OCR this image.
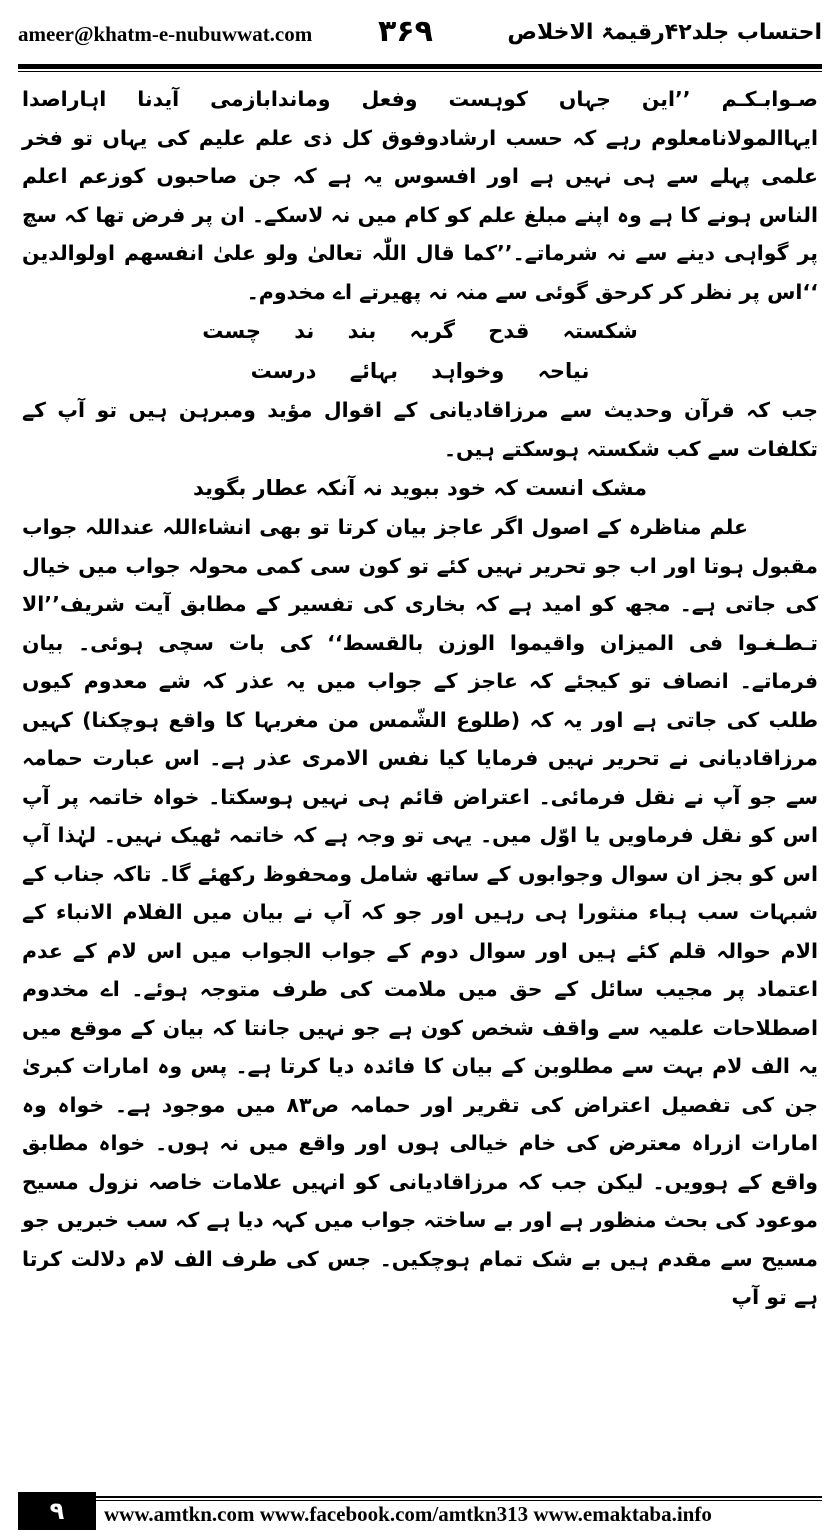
ameer@khatm-e-nubuwwat.com ۳۶۹	احتساب جلد۴۲رقیمۃ الاخلاص

صـوابـکـم ’’این جہاں کوہست وفعل وماندابازمی آیدنا اہاراصدا ایہاالمولانامعلوم رہے کہ حسب ارشادوفوق کل ذی علم علیم کی یہاں تو فخر علمی پہلے سے ہی نہیں ہے اور افسوس یہ ہے کہ جن صاحبوں کوزعم اعلم الناس ہونے کا ہے وہ اپنے مبلغ علم کو کام میں نہ لاسکے۔ ان پر فرض تھا کہ سچ پر گواہی دینے سے نہ شرماتے۔’’کما قال اللّٰہ تعالیٰ ولو علیٰ انفسھم اولوالدین ‘‘اس پر نظر کر کرحق گوئی سے منہ نہ پھیرتے اے مخدوم۔

شکستہ قدح گربہ بند ند چست

نیاحہ وخواہد بہائے درست

جب کہ قرآن وحدیث سے مرزاقادیانی کے اقوال مؤید ومبرہن ہیں تو آپ کے تکلفات سے کب شکستہ ہوسکتے ہیں۔

مشک انست کہ خود ببوید نہ آنکہ عطار بگوید

علم مناظرہ کے اصول اگر عاجز بیان کرتا تو بھی انشاءاللہ عنداللہ جواب مقبول ہوتا اور اب جو تحریر نہیں کئے تو کون سی کمی محولہ جواب میں خیال کی جاتی ہے۔ مجھ کو امید ہے کہ بخاری کی تفسیر کے مطابق آیت شریف’’الا تـطـغـوا فی المیزان واقیموا الوزن بالقسط‘‘ کی بات سچی ہوئی۔ بیان فرماتے۔ انصاف تو کیجئے کہ عاجز کے جواب میں یہ عذر کہ شے معدوم کیوں طلب کی جاتی ہے اور یہ کہ (طلوع الشّمس من مغربہا کا واقع ہوچکنا) کہیں مرزاقادیانی نے تحریر نہیں فرمایا کیا نفس الامری عذر ہے۔ اس عبارت حمامہ سے جو آپ نے نقل فرمائی۔ اعتراض قائم ہی نہیں ہوسکتا۔ خواہ خاتمہ پر آپ اس کو نقل فرماویں یا اوّل میں۔ یہی تو وجہ ہے کہ خاتمہ ٹھیک نہیں۔ لہٰذا آپ اس کو بجز ان سوال وجوابوں کے ساتھ شامل ومحفوظ رکھئے گا۔ تاکہ جناب کے شبہات سب ہباء منثورا ہی رہیں اور جو کہ آپ نے بیان میں الفلام الانباء کے الام حوالہ قلم کئے ہیں اور سوال دوم کے جواب الجواب میں اس لام کے عدم اعتماد پر مجیب سائل کے حق میں ملامت کی طرف متوجہ ہوئے۔ اے مخدوم اصطلاحات علمیہ سے واقف شخص کون ہے جو نہیں جانتا کہ بیان کے موقع میں یہ الف لام بہت سے مطلوبن کے بیان کا فائدہ دیا کرتا ہے۔ پس وہ امارات کبریٰ جن کی تفصیل اعتراض کی تقریر اور حمامہ ص۸۳ میں موجود ہے۔ خواہ وہ امارات ازراہ معترض کی خام خیالی ہوں اور واقع میں نہ ہوں۔ خواہ مطابق واقع کے ہوویں۔ لیکن جب کہ مرزاقادیانی کو انہیں علامات خاصہ نزول مسیح موعود کی بحث منظور ہے اور بے ساختہ جواب میں کہہ دیا ہے کہ سب خبریں جو مسیح سے مقدم ہیں بے شک تمام ہوچکیں۔ جس کی طرف الف لام دلالت کرتا ہے تو آپ

۹	www.amtkn.com www.facebook.com/amtkn313 www.emaktaba.info
